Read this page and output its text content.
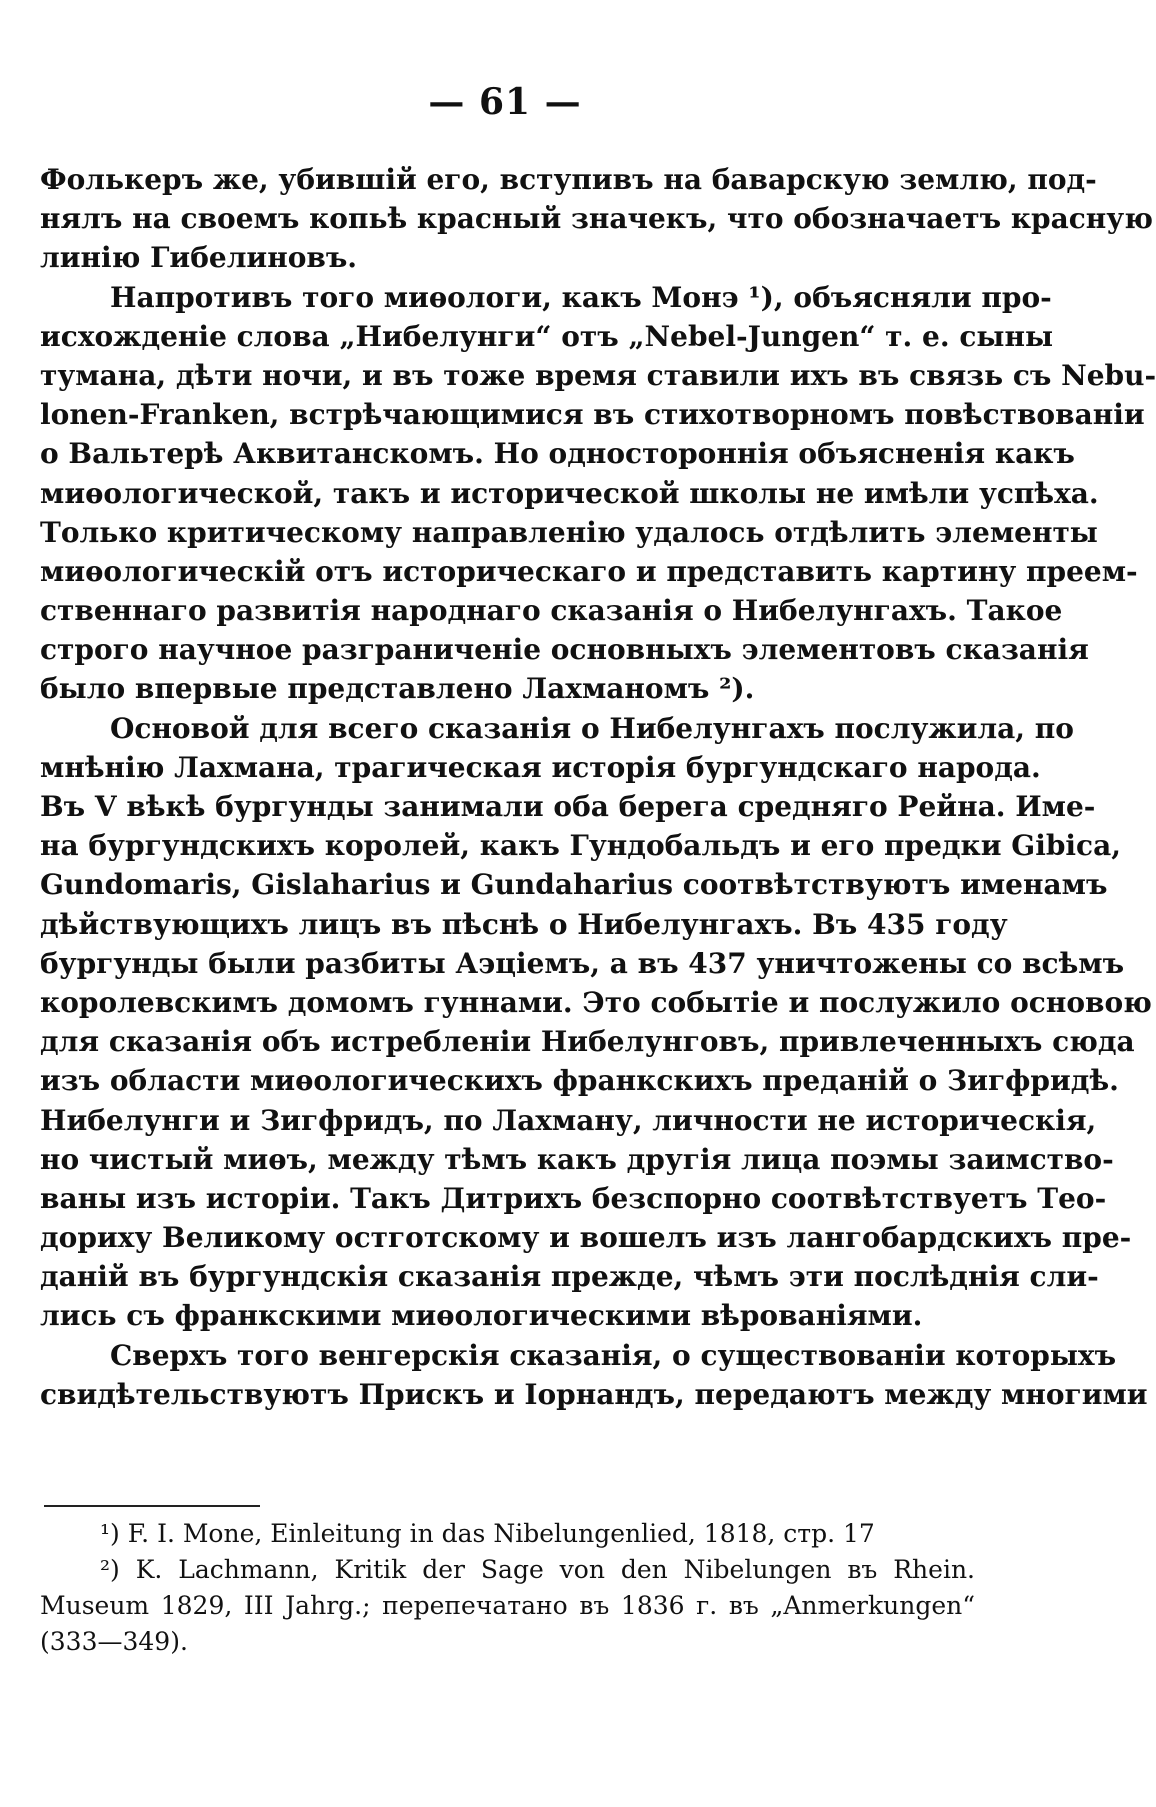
— 61 —
Фолькеръ же, убившій его, вступивъ на баварскую землю, под-
нялъ на своемъ копьѣ красный значекъ, что обозначаетъ красную
линію Гибелиновъ.
Напротивъ того миѳологи, какъ Монэ ¹), объясняли про-
исхожденіе слова „Нибелунги“ отъ „Nebel-Jungen“ т. е. сыны
тумана, дѣти ночи, и въ тоже время ставили ихъ въ связь съ Nebu-
lonen-Franken, встрѣчающимися въ стихотворномъ повѣствованіи
о Вальтерѣ Аквитанскомъ. Но одностороннія объясненія какъ
миѳологической, такъ и исторической школы не имѣли успѣха.
Только критическому направленію удалось отдѣлить элементы
миѳологическій отъ историческаго и представить картину преем-
ственнаго развитія народнаго сказанія о Нибелунгахъ. Такое
строго научное разграниченіе основныхъ элементовъ сказанія
было впервые представлено Лахманомъ ²).
Основой для всего сказанія о Нибелунгахъ послужила, по
мнѣнію Лахмана, трагическая исторія бургундскаго народа.
Въ V вѣкѣ бургунды занимали оба берега средняго Рейна. Име-
на бургундскихъ королей, какъ Гундобальдъ и его предки Gibica,
Gundomaris, Gislaharius и Gundaharius соотвѣтствуютъ именамъ
дѣйствующихъ лицъ въ пѣснѣ о Нибелунгахъ. Въ 435 году
бургунды были разбиты Аэціемъ, а въ 437 уничтожены со всѣмъ
королевскимъ домомъ гуннами. Это событіе и послужило основою
для сказанія объ истребленіи Нибелунговъ, привлеченныхъ сюда
изъ области миѳологическихъ франкскихъ преданій о Зигфридѣ.
Нибелунги и Зигфридъ, по Лахману, личности не историческія,
но чистый миѳъ, между тѣмъ какъ другія лица поэмы заимство-
ваны изъ исторіи. Такъ Дитрихъ безспорно соотвѣтствуетъ Тео-
дориху Великому остготскому и вошелъ изъ лангобардскихъ пре-
даній въ бургундскія сказанія прежде, чѣмъ эти послѣднія сли-
лись съ франкскими миѳологическими вѣрованіями.
Сверхъ того венгерскія сказанія, о существованіи которыхъ
свидѣтельствуютъ Прискъ и Іорнандъ, передаютъ между многими
¹) F. I. Mone, Einleitung in das Nibelungenlied, 1818, стр. 17
²) K. Lachmann, Kritik der Sage von den Nibelungen въ Rhein.
Museum 1829, III Jahrg.; перепечатано въ 1836 г. въ „Anmerkungen“
(333—349).
